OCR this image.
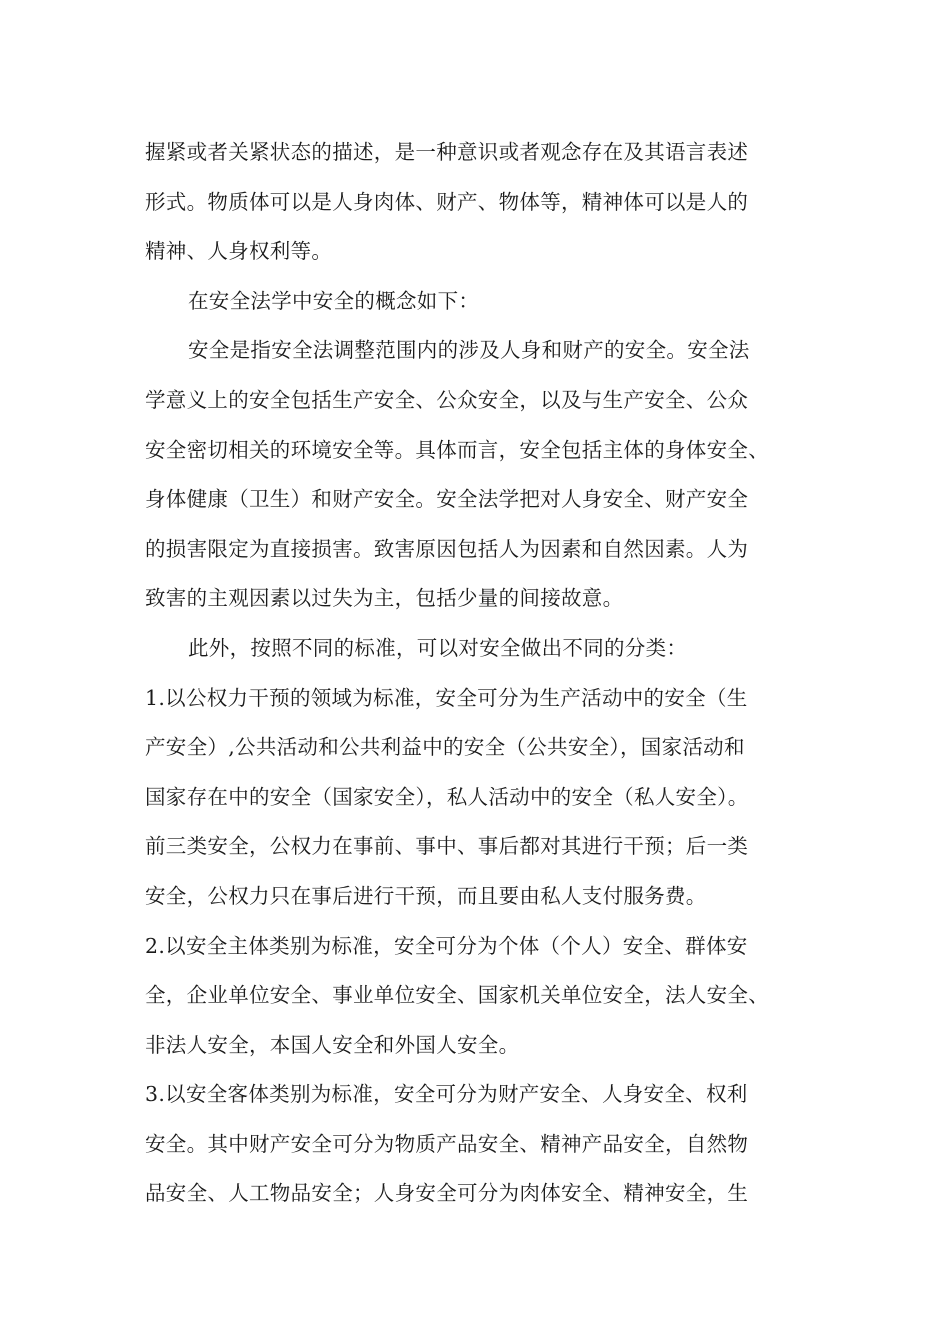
握紧或者关紧状态的描述，是一种意识或者观念存在及其语言表述
形式。物质体可以是人身肉体、财产、物体等，精神体可以是人的
精神、人身权利等。
在安全法学中安全的概念如下：
安全是指安全法调整范围内的涉及人身和财产的安全。安全法
学意义上的安全包括生产安全、公众安全，以及与生产安全、公众
安全密切相关的环境安全等。具体而言，安全包括主体的身体安全、
身体健康（卫生）和财产安全。安全法学把对人身安全、财产安全
的损害限定为直接损害。致害原因包括人为因素和自然因素。人为
致害的主观因素以过失为主，包括少量的间接故意。
此外，按照不同的标准，可以对安全做出不同的分类：
1.以公权力干预的领域为标准，安全可分为生产活动中的安全（生
产安全）,公共活动和公共利益中的安全（公共安全），国家活动和
国家存在中的安全（国家安全），私人活动中的安全（私人安全）。
前三类安全，公权力在事前、事中、事后都对其进行干预；后一类
安全，公权力只在事后进行干预，而且要由私人支付服务费。
2.以安全主体类别为标准，安全可分为个体（个人）安全、群体安
全，企业单位安全、事业单位安全、国家机关单位安全，法人安全、
非法人安全，本国人安全和外国人安全。
3.以安全客体类别为标准，安全可分为财产安全、人身安全、权利
安全。其中财产安全可分为物质产品安全、精神产品安全，自然物
品安全、人工物品安全；人身安全可分为肉体安全、精神安全，生
